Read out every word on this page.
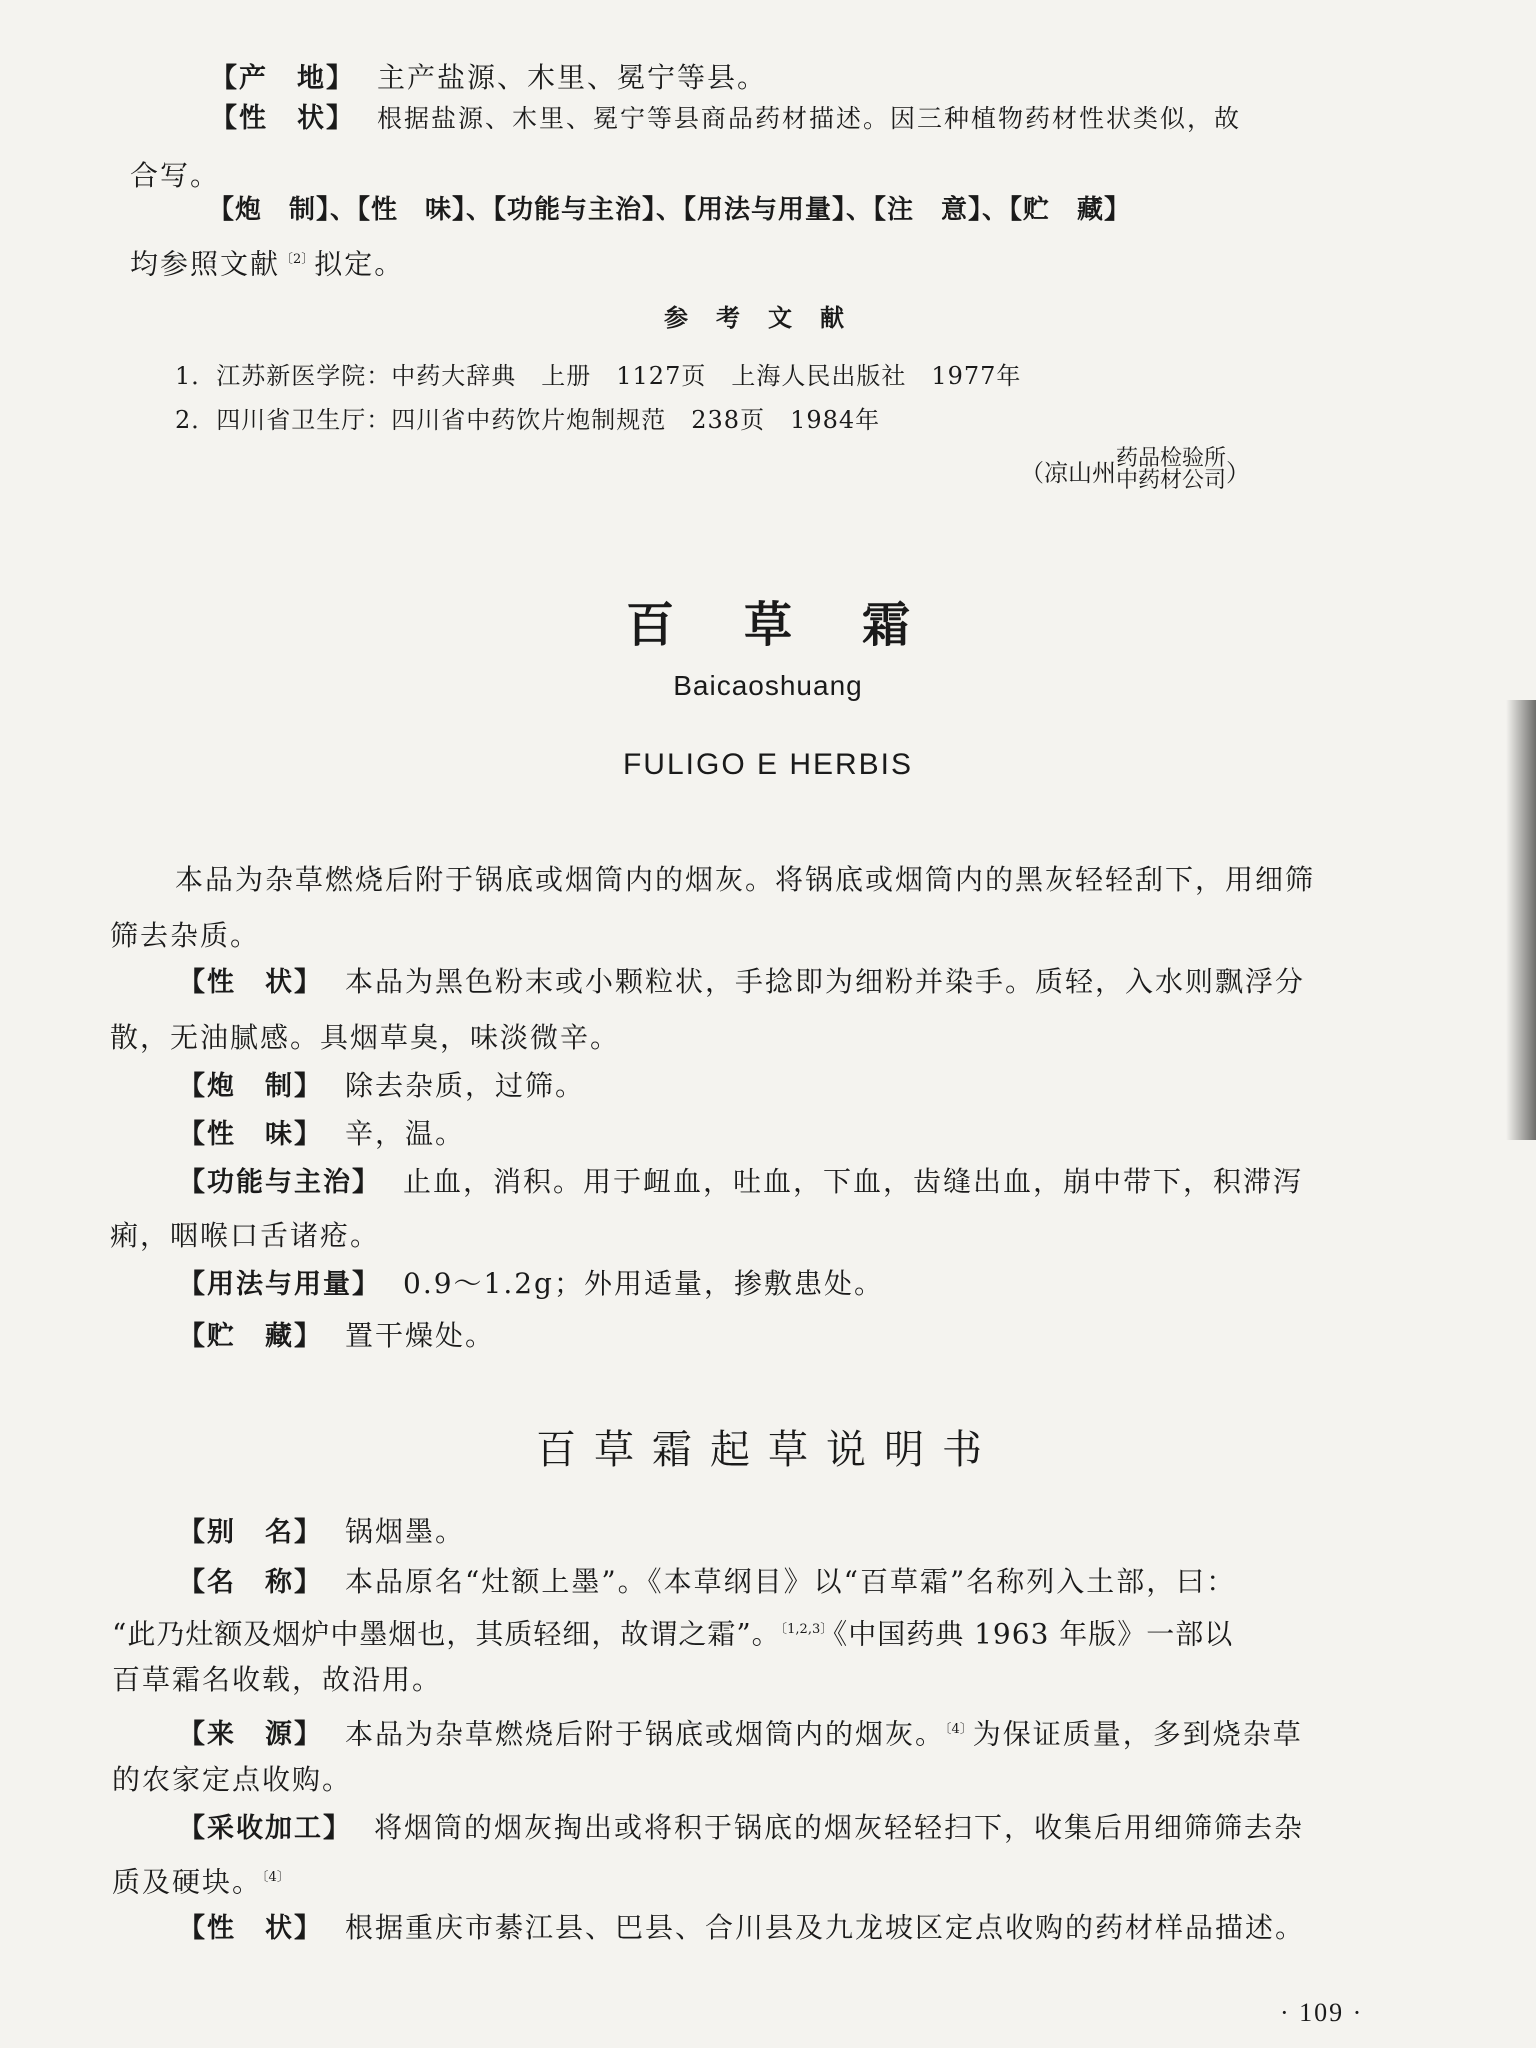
【产　地】 主产盐源、木里、冕宁等县。
【性　状】 根据盐源、木里、冕宁等县商品药材描述。因三种植物药材性状类似，故
合写。
【炮　制】、【性　味】、【功能与主治】、【用法与用量】、【注　意】、【贮　藏】
均参照文献$^{〔2〕}$拟定。
参考文献
1．江苏新医学院：中药大辞典　上册　1127页　上海人民出版社　1977年
2．四川省卫生厅：四川省中药饮片炮制规范　238页　1984年
（凉山州 药品检验所
中药材公司 ）
百草霜
Baicaoshuang
FULIGO E HERBIS
本品为杂草燃烧后附于锅底或烟筒内的烟灰。将锅底或烟筒内的黑灰轻轻刮下，用细筛
筛去杂质。
【性　状】 本品为黑色粉末或小颗粒状，手捻即为细粉并染手。质轻，入水则飘浮分
散，无油腻感。具烟草臭，味淡微辛。
【炮　制】 除去杂质，过筛。
【性　味】 辛，温。
【功能与主治】 止血，消积。用于衄血，吐血，下血，齿缝出血，崩中带下，积滞泻
痢，咽喉口舌诸疮。
【用法与用量】 0.9～1.2g；外用适量，掺敷患处。
【贮　藏】 置干燥处。
百草霜起草说明书
【别　名】 锅烟墨。
【名　称】 本品原名“灶额上墨”。《本草纲目》以“百草霜”名称列入土部，曰：
“此乃灶额及烟炉中墨烟也，其质轻细，故谓之霜”。$^{〔1,2,3〕}$《中国药典 1963 年版》一部以
百草霜名收载，故沿用。
【来　源】 本品为杂草燃烧后附于锅底或烟筒内的烟灰。$^{〔4〕}$为保证质量，多到烧杂草
的农家定点收购。
【采收加工】 将烟筒的烟灰掏出或将积于锅底的烟灰轻轻扫下，收集后用细筛筛去杂
质及硬块。$^{〔4〕}$
【性　状】 根据重庆市綦江县、巴县、合川县及九龙坡区定点收购的药材样品描述。
· 109 ·
